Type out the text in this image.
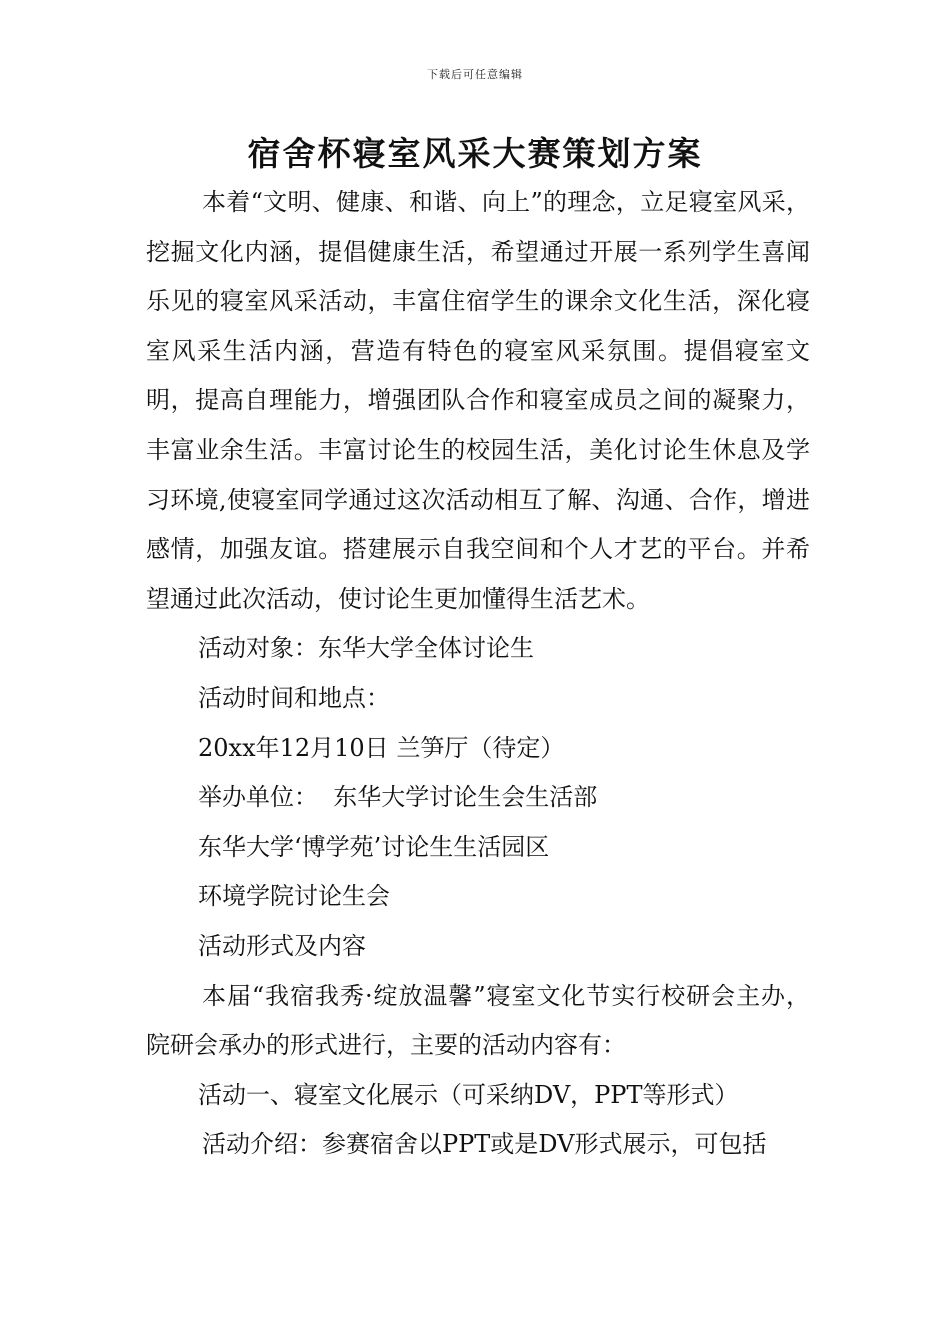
下载后可任意编辑
宿舍杯寝室风采大赛策划方案

本着“文明、健康、和谐、向上”的理念，立足寝室风采，挖掘文化内涵，提倡健康生活，希望通过开展一系列学生喜闻乐见的寝室风采活动，丰富住宿学生的课余文化生活，深化寝室风采生活内涵，营造有特色的寝室风采氛围。提倡寝室文明，提高自理能力，增强团队合作和寝室成员之间的凝聚力，丰富业余生活。丰富讨论生的校园生活，美化讨论生休息及学习环境,使寝室同学通过这次活动相互了解、沟通、合作，增进感情，加强友谊。搭建展示自我空间和个人才艺的平台。并希望通过此次活动，使讨论生更加懂得生活艺术。

活动对象：东华大学全体讨论生

活动时间和地点：

20xx年12月10日 兰笋厅（待定）

举办单位：  东华大学讨论生会生活部

东华大学‘博学苑’讨论生生活园区

环境学院讨论生会

活动形式及内容

本届“我宿我秀·绽放温馨”寝室文化节实行校研会主办，院研会承办的形式进行，主要的活动内容有：

活动一、寝室文化展示（可采纳DV，PPT等形式）

活动介绍：参赛宿舍以PPT或是DV形式展示，可包括
